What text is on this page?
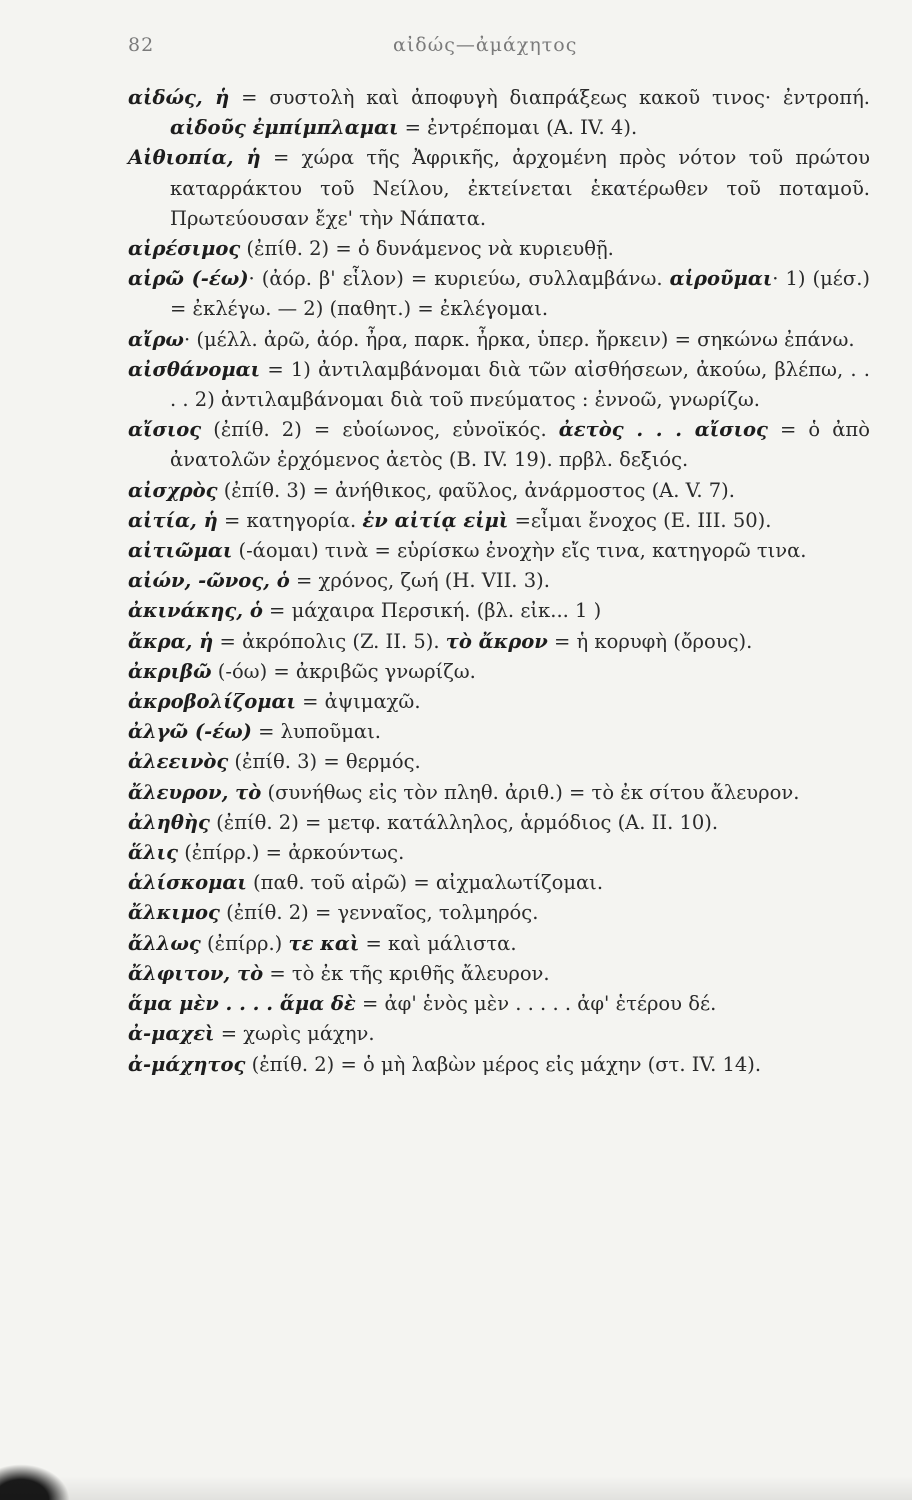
82	αἰδώς—ἀμάχητος

αἰδώς, ἡ = συστολὴ καὶ ἀποφυγὴ διαπράξεως κακοῦ τινος· ἐντροπή. αἰδοῦς ἐμπίμπλαμαι = ἐντρέπομαι (A. IV. 4).

Αἰθιοπία, ἡ = χώρα τῆς Ἀφρικῆς, ἀρχομένη πρὸς νότον τοῦ πρώτου καταρράκτου τοῦ Νείλου, ἐκτείνεται ἑκατέρωθεν τοῦ ποταμοῦ. Πρωτεύουσαν ἔχε' τὴν Νάπατα.

αἱρέσιμος (ἐπίθ. 2) = ὁ δυνάμενος νὰ κυριευθῇ.

αἱρῶ (-έω)· (ἀόρ. β' εἷλον) = κυριεύω, συλλαμβάνω. αἱροῦμαι· 1) (μέσ.) = ἐκλέγω. — 2) (παθητ.) = ἐκλέγομαι.

αἴρω· (μέλλ. ἀρῶ, ἀόρ. ἦρα, παρκ. ἦρκα, ὑπερ. ἤρκειν) = σηκώνω ἐπάνω.

αἰσθάνομαι = 1) ἀντιλαμβάνομαι διὰ τῶν αἰσθήσεων, ἀκούω, βλέπω, . . . . 2) ἀντιλαμβάνομαι διὰ τοῦ πνεύματος : ἐννοῶ, γνωρίζω.

αἴσιος (ἐπίθ. 2) = εὐοίωνος, εὐνοϊκός. ἀετὸς . . . αἴσιος = ὁ ἀπὸ ἀνατολῶν ἐρχόμενος ἀετὸς (B. IV. 19). πρβλ. δεξιός.

αἰσχρὸς (ἐπίθ. 3) = ἀνήθικος, φαῦλος, ἀνάρμοστος (A. V. 7).

αἰτία, ἡ = κατηγορία. ἐν αἰτίᾳ εἰμὶ =εἶμαι ἔνοχος (E. III. 50).

αἰτιῶμαι (-άομαι) τινὰ = εὑρίσκω ἐνοχὴν εἴς τινα, κατηγορῶ τινα.

αἰών, -ῶνος, ὁ = χρόνος, ζωή (H. VII. 3).

ἀκινάκης, ὁ = μάχαιρα Περσική. (βλ. εἰκ... 1 )

ἄκρα, ἡ = ἀκρόπολις (Z. II. 5). τὸ ἄκρον = ἡ κορυφὴ (ὄρους).

ἀκριβῶ (-όω) = ἀκριβῶς γνωρίζω.

ἀκροβολίζομαι = ἀψιμαχῶ.

ἀλγῶ (-έω) = λυποῦμαι.

ἀλεεινὸς (ἐπίθ. 3) = θερμός.

ἄλευρον, τὸ (συνήθως εἰς τὸν πληθ. ἀριθ.) = τὸ ἐκ σίτου ἄλευρον.

ἀληθὴς (ἐπίθ. 2) = μετφ. κατάλληλος, ἁρμόδιος (A. II. 10).

ἅλις (ἐπίρρ.) = ἀρκούντως.

ἁλίσκομαι (παθ. τοῦ αἱρῶ) = αἰχμαλωτίζομαι.

ἄλκιμος (ἐπίθ. 2) = γενναῖος, τολμηρός.

ἄλλως (ἐπίρρ.) τε καὶ = καὶ μάλιστα.

ἄλφιτον, τὸ = τὸ ἐκ τῆς κριθῆς ἄλευρον.

ἅμα μὲν . . . . ἅμα δὲ = ἀφ' ἑνὸς μὲν . . . . . ἀφ' ἑτέρου δέ.

ἀ-μαχεὶ = χωρὶς μάχην.

ἀ-μάχητος (ἐπίθ. 2) = ὁ μὴ λαβὼν μέρος εἰς μάχην (στ. IV. 14).
